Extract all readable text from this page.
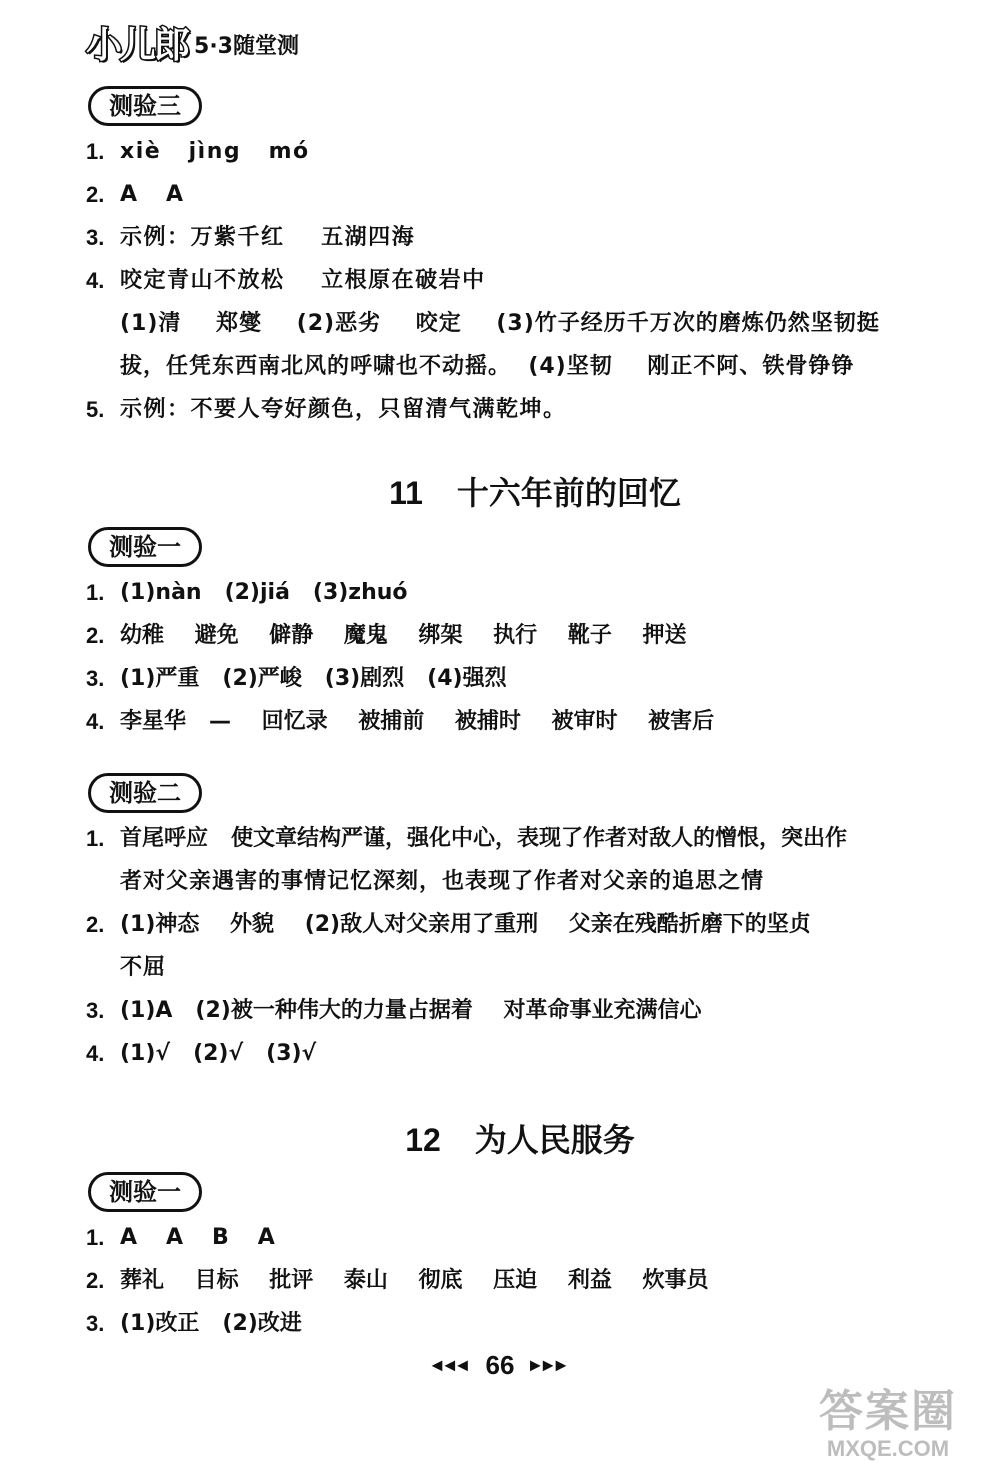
小儿郎 5·3随堂测
测验三
1. xiè   jìng   mó
2. A   A
3. 示例：万紫千红    五湖四海
4. 咬定青山不放松    立根原在破岩中
(1)清    郑燮    (2)恶劣    咬定    (3)竹子经历千万次的磨炼仍然坚韧挺
拔，任凭东西南北风的呼啸也不动摇。  (4)坚韧    刚正不阿、铁骨铮铮
5. 示例：不要人夸好颜色，只留清气满乾坤。
11 十六年前的回忆
测验一
1. (1)nàn   (2)jiá   (3)zhuó
2. 幼稚    避免    僻静    魔鬼    绑架    执行    靴子    押送
3. (1)严重   (2)严峻   (3)剧烈   (4)强烈
4. 李星华   —    回忆录    被捕前    被捕时    被审时    被害后
测验二
1. 首尾呼应   使文章结构严谨，强化中心，表现了作者对敌人的憎恨，突出作
者对父亲遇害的事情记忆深刻，也表现了作者对父亲的追思之情
2. (1)神态    外貌    (2)敌人对父亲用了重刑    父亲在残酷折磨下的坚贞
不屈
3. (1)A   (2)被一种伟大的力量占据着    对革命事业充满信心
4. (1)√   (2)√   (3)√
12 为人民服务
测验一
1. A   A   B   A
2. 葬礼    目标    批评    泰山    彻底    压迫    利益    炊事员
3. (1)改正   (2)改进
◀◀◀ 66 ▶▶▶
答案圈
MXQE.COM
